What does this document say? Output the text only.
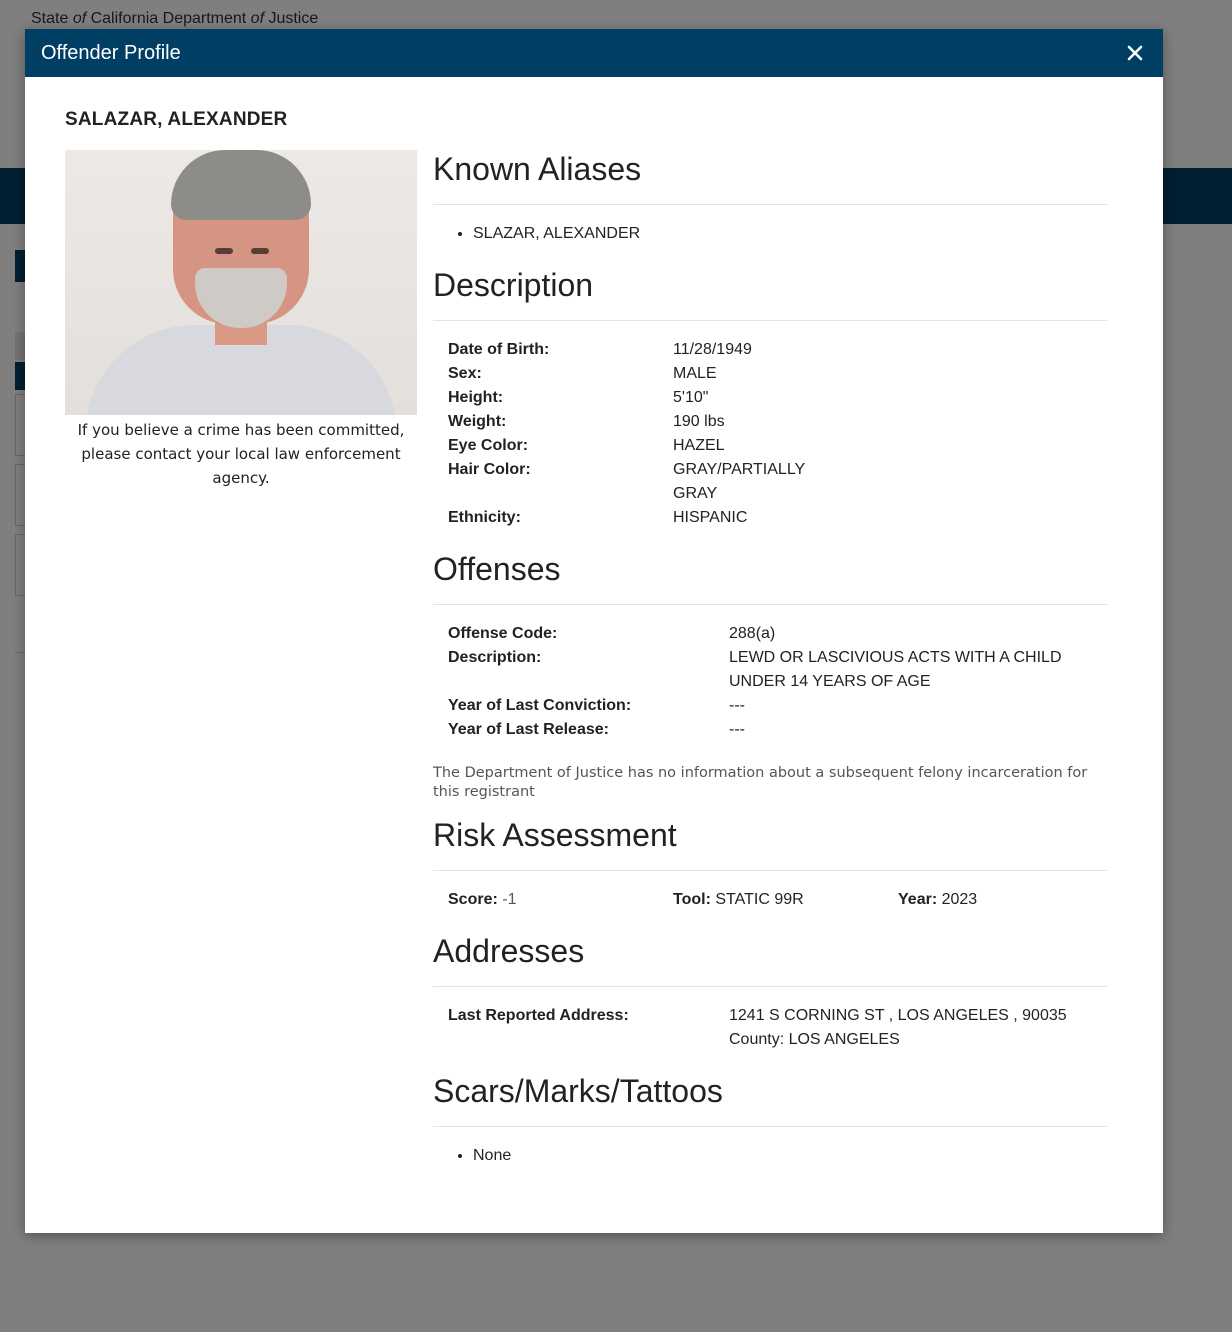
Offender Profile
SALAZAR, ALEXANDER
If you believe a crime has been committed, please contact your local law enforcement agency.
Known Aliases
• SLAZAR, ALEXANDER
Description
Date of Birth:	11/28/1949
Sex:	MALE
Height:	5'10"
Weight:	190 lbs
Eye Color:	HAZEL
Hair Color:	GRAY/PARTIALLY GRAY
Ethnicity:	HISPANIC
Offenses
Offense Code:	288(a)
Description:	LEWD OR LASCIVIOUS ACTS WITH A CHILD UNDER 14 YEARS OF AGE
Year of Last Conviction:	---
Year of Last Release:	---

The Department of Justice has no information about a subsequent felony incarceration for this registrant

Risk Assessment
Score: -1	Tool: STATIC 99R	Year: 2023
Addresses
Last Reported Address:	1241 S CORNING ST , LOS ANGELES , 90035
County: LOS ANGELES
Scars/Marks/Tattoos
• None
